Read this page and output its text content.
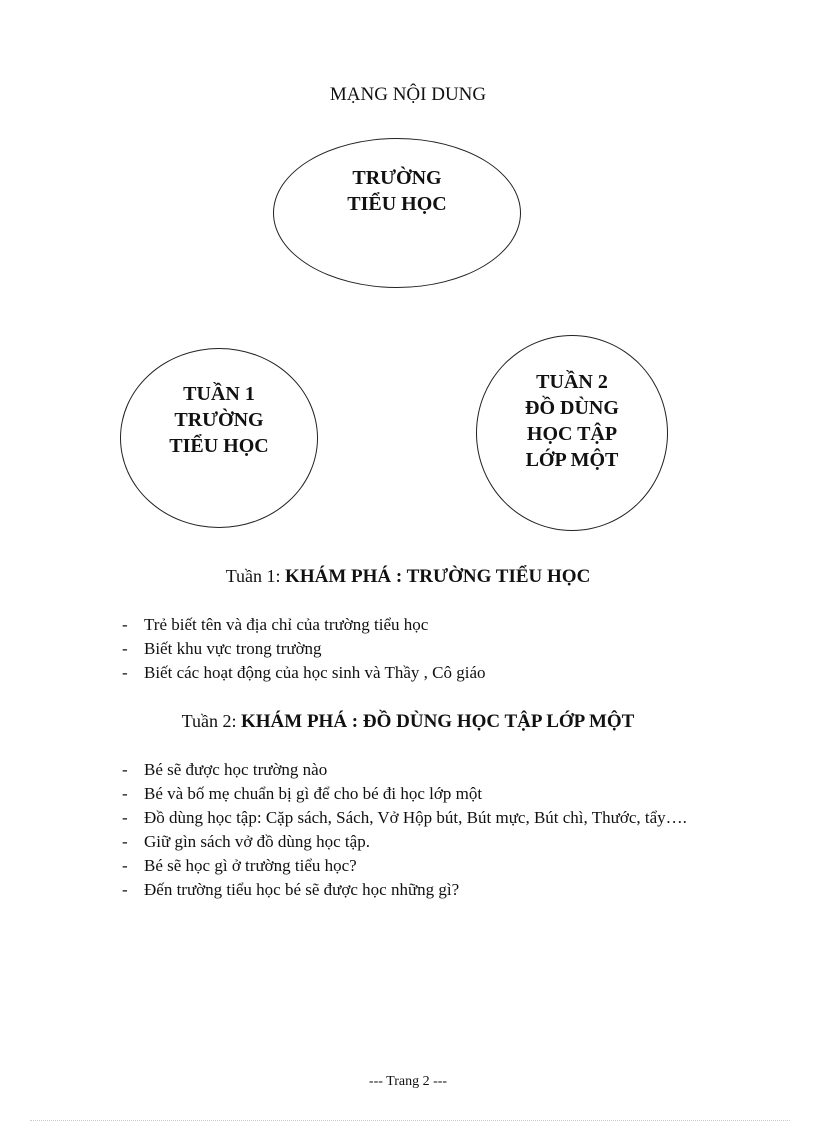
MẠNG NỘI DUNG
TRƯỜNG
TIỂU HỌC
TUẦN 1
TRƯỜNG
TIỂU HỌC
TUẦN 2
ĐỒ DÙNG
HỌC TẬP
LỚP MỘT
Tuần 1: KHÁM PHÁ : TRƯỜNG TIỂU HỌC
- Trẻ biết tên và địa chỉ của trường tiểu học
- Biết khu vực trong trường
- Biết các hoạt động của học sinh và Thầy , Cô giáo
Tuần 2: KHÁM PHÁ : ĐỒ DÙNG HỌC TẬP LỚP MỘT
- Bé sẽ được học trường nào
- Bé và bố mẹ chuẩn bị gì để cho bé đi học lớp một
- Đồ dùng học tập: Cặp sách, Sách, Vở Hộp bút, Bút mực, Bút chì, Thước, tẩy….
- Giữ gìn sách vở đồ dùng học tập.
- Bé sẽ học gì ở trường tiểu học?
- Đến trường tiểu học bé sẽ được học những gì?
--- Trang 2 ---
